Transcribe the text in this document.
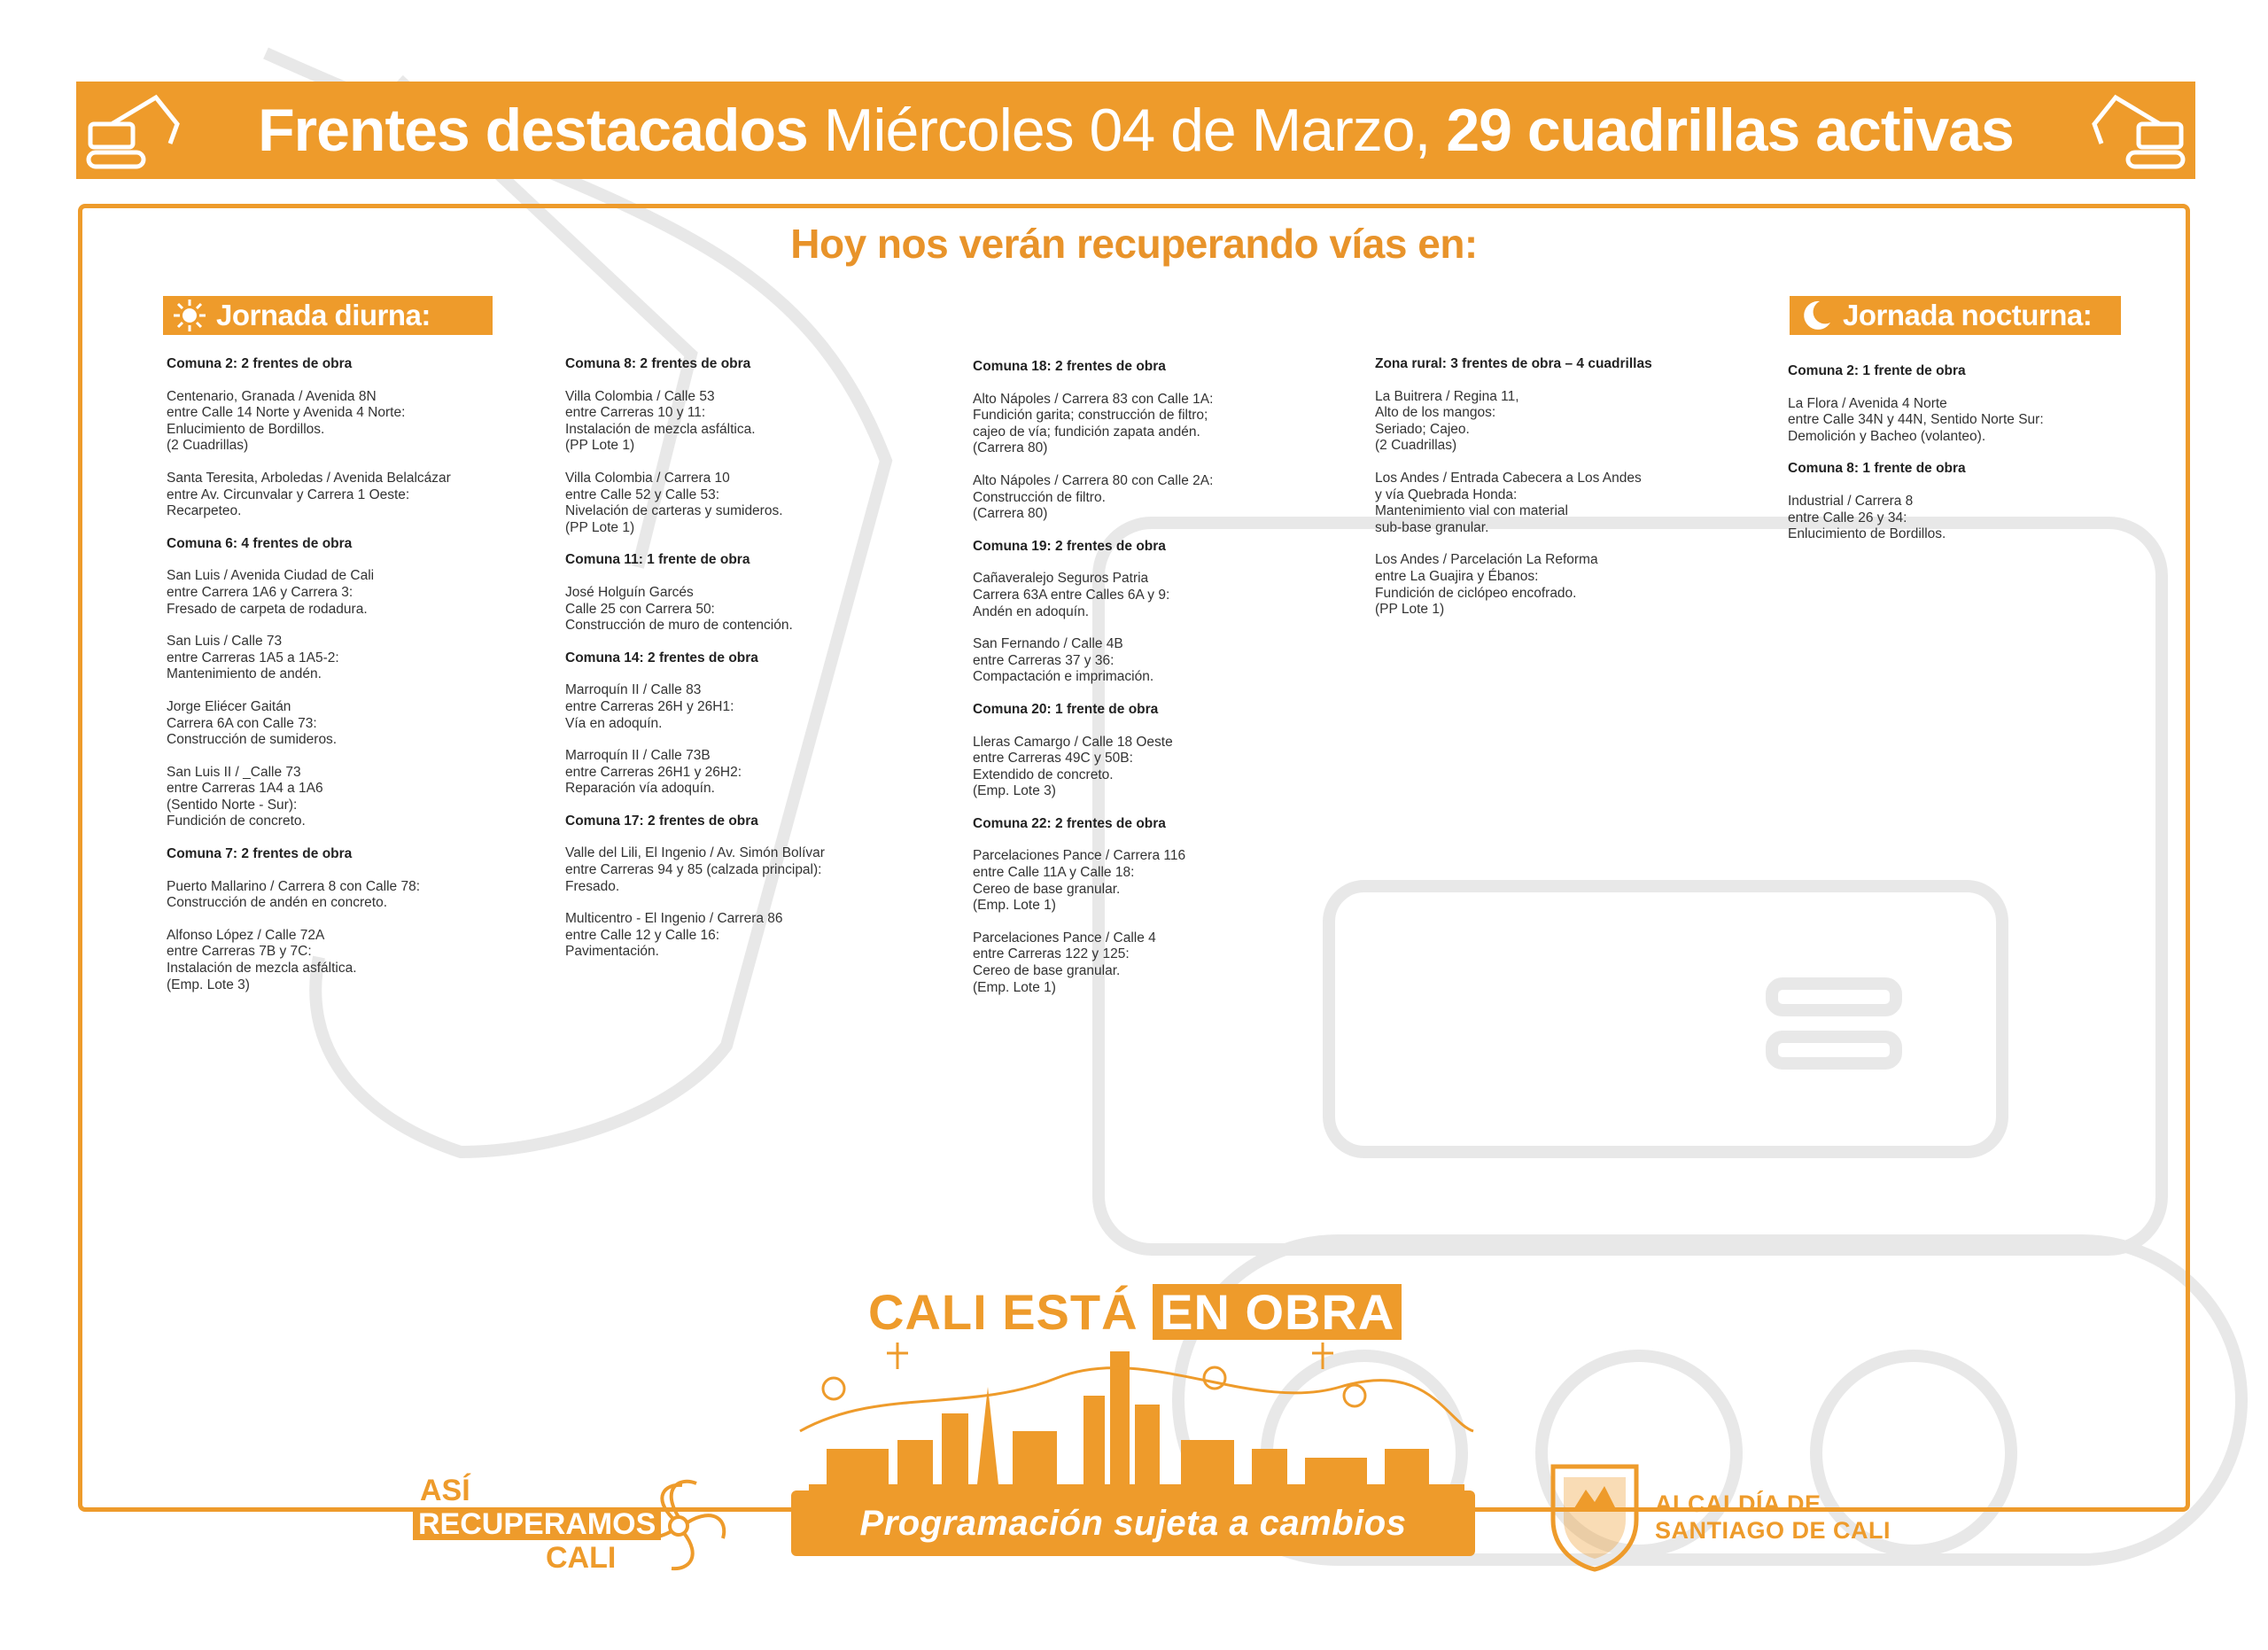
Frentes destacados Miércoles 04 de Marzo, 29 cuadrillas activas
Hoy nos verán recuperando vías en:
Jornada diurna:	Jornada nocturna:
Comuna 2: 2 frentes de obra

Centenario, Granada / Avenida 8N
entre Calle 14 Norte y Avenida 4 Norte:
Enlucimiento de Bordillos.
(2 Cuadrillas)

Santa Teresita, Arboledas / Avenida Belalcázar
entre Av. Circunvalar y Carrera 1 Oeste:
Recarpeteo.

Comuna 6: 4 frentes de obra

San Luis / Avenida Ciudad de Cali
entre Carrera 1A6 y Carrera 3:
Fresado de carpeta de rodadura.

San Luis / Calle 73
entre Carreras 1A5 a 1A5-2:
Mantenimiento de andén.

Jorge Eliécer Gaitán
Carrera 6A con Calle 73:
Construcción de sumideros.

San Luis II / _Calle 73
entre Carreras 1A4 a 1A6
(Sentido Norte - Sur):
Fundición de concreto.

Comuna 7: 2 frentes de obra

Puerto Mallarino / Carrera 8 con Calle 78:
Construcción de andén en concreto.

Alfonso López / Calle 72A
entre Carreras 7B y 7C:
Instalación de mezcla asfáltica.
(Emp. Lote 3)

Comuna 8: 2 frentes de obra

Villa Colombia / Calle 53
entre Carreras 10 y 11:
Instalación de mezcla asfáltica.
(PP Lote 1)

Villa Colombia / Carrera 10
entre Calle 52 y Calle 53:
Nivelación de carteras y sumideros.
(PP Lote 1)

Comuna 11: 1 frente de obra

José Holguín Garcés
Calle 25 con Carrera 50:
Construcción de muro de contención.

Comuna 14: 2 frentes de obra

Marroquín II / Calle 83
entre Carreras 26H y 26H1:
Vía en adoquín.

Marroquín II / Calle 73B
entre Carreras 26H1 y 26H2:
Reparación vía adoquín.

Comuna 17: 2 frentes de obra

Valle del Lili, El Ingenio / Av. Simón Bolívar
entre Carreras 94 y 85 (calzada principal):
Fresado.

Multicentro - El Ingenio / Carrera 86
entre Calle 12 y Calle 16:
Pavimentación.

Comuna 18: 2 frentes de obra

Alto Nápoles / Carrera 83 con Calle 1A:
Fundición garita; construcción de filtro;
cajeo de vía; fundición zapata andén.
(Carrera 80)

Alto Nápoles / Carrera 80 con Calle 2A:
Construcción de filtro.
(Carrera 80)

Comuna 19: 2 frentes de obra

Cañaveralejo Seguros Patria
Carrera 63A entre Calles 6A y 9:
Andén en adoquín.

San Fernando / Calle 4B
entre Carreras 37 y 36:
Compactación e imprimación.

Comuna 20: 1 frente de obra

Lleras Camargo / Calle 18 Oeste
entre Carreras 49C y 50B:
Extendido de concreto.
(Emp. Lote 3)

Comuna 22: 2 frentes de obra

Parcelaciones Pance / Carrera 116
entre Calle 11A y Calle 18:
Cereo de base granular.
(Emp. Lote 1)

Parcelaciones Pance / Calle 4
entre Carreras 122 y 125:
Cereo de base granular.
(Emp. Lote 1)

Zona rural: 3 frentes de obra – 4 cuadrillas

La Buitrera / Regina 11,
Alto de los mangos:
Seriado; Cajeo.
(2 Cuadrillas)

Los Andes / Entrada Cabecera a Los Andes
y vía Quebrada Honda:
Mantenimiento vial con material
sub-base granular.

Los Andes / Parcelación La Reforma
entre La Guajira y Ébanos:
Fundición de ciclópeo encofrado.
(PP Lote 1)

Comuna 2: 1 frente de obra

La Flora / Avenida 4 Norte
entre Calle 34N y 44N, Sentido Norte Sur:
Demolición y Bacheo (volanteo).

Comuna 8: 1 frente de obra

Industrial / Carrera 8
entre Calle 26 y 34:
Enlucimiento de Bordillos.

CALI ESTÁ EN OBRA
Programación sujeta a cambios
ASÍ
RECUPERAMOS
CALI
ALCALDÍA DE
SANTIAGO DE CALI
